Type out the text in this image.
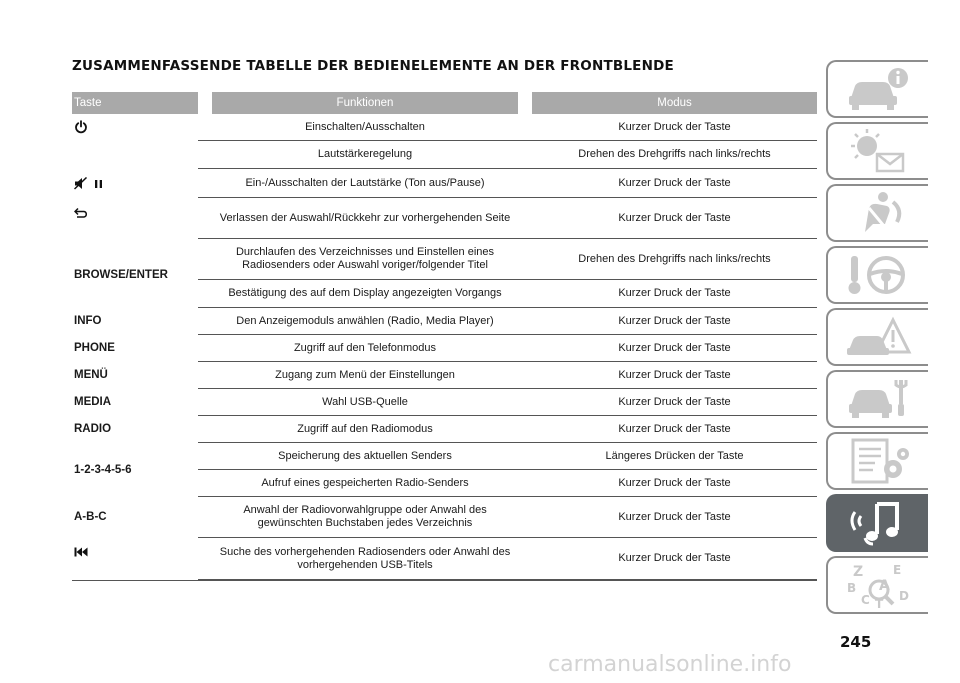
ZUSAMMENFASSENDE TABELLE DER BEDIENELEMENTE AN DER FRONTBLENDE
Taste	Funktionen	Modus

	Einschalten/Ausschalten	Kurzer Druck der Taste
	Lautstärkeregelung	Drehen des Drehgriffs nach links/rechts

	Ein-/Ausschalten der Lautstärke (Ton aus/Pause)	Kurzer Druck der Taste

	Verlassen der Auswahl/Rückkehr zur vorhergehenden Seite	Kurzer Druck der Taste
BROWSE/ENTER	Durchlaufen des Verzeichnisses und Einstellen eines Radiosenders oder Auswahl voriger/folgender Titel	Drehen des Drehgriffs nach links/rechts
	Bestätigung des auf dem Display angezeigten Vorgangs	Kurzer Druck der Taste
INFO	Den Anzeigemoduls anwählen (Radio, Media Player)	Kurzer Druck der Taste
PHONE	Zugriff auf den Telefonmodus	Kurzer Druck der Taste
MENÜ	Zugang zum Menü der Einstellungen	Kurzer Druck der Taste
MEDIA	Wahl USB-Quelle	Kurzer Druck der Taste
RADIO	Zugriff auf den Radiomodus	Kurzer Druck der Taste
1-2-3-4-5-6	Speicherung des aktuellen Senders	Längeres Drücken der Taste
	Aufruf eines gespeicherten Radio-Senders	Kurzer Druck der Taste
A-B-C	Anwahl der Radiovorwahlgruppe oder Anwahl des gewünschten Buchstaben jedes Verzeichnis	Kurzer Druck der Taste

	Suche des vorhergehenden Radiosenders oder Anwahl des vorhergehenden USB-Titels	Kurzer Druck der Taste

Z E
B A
C D
T
245
carmanualsonline.info
